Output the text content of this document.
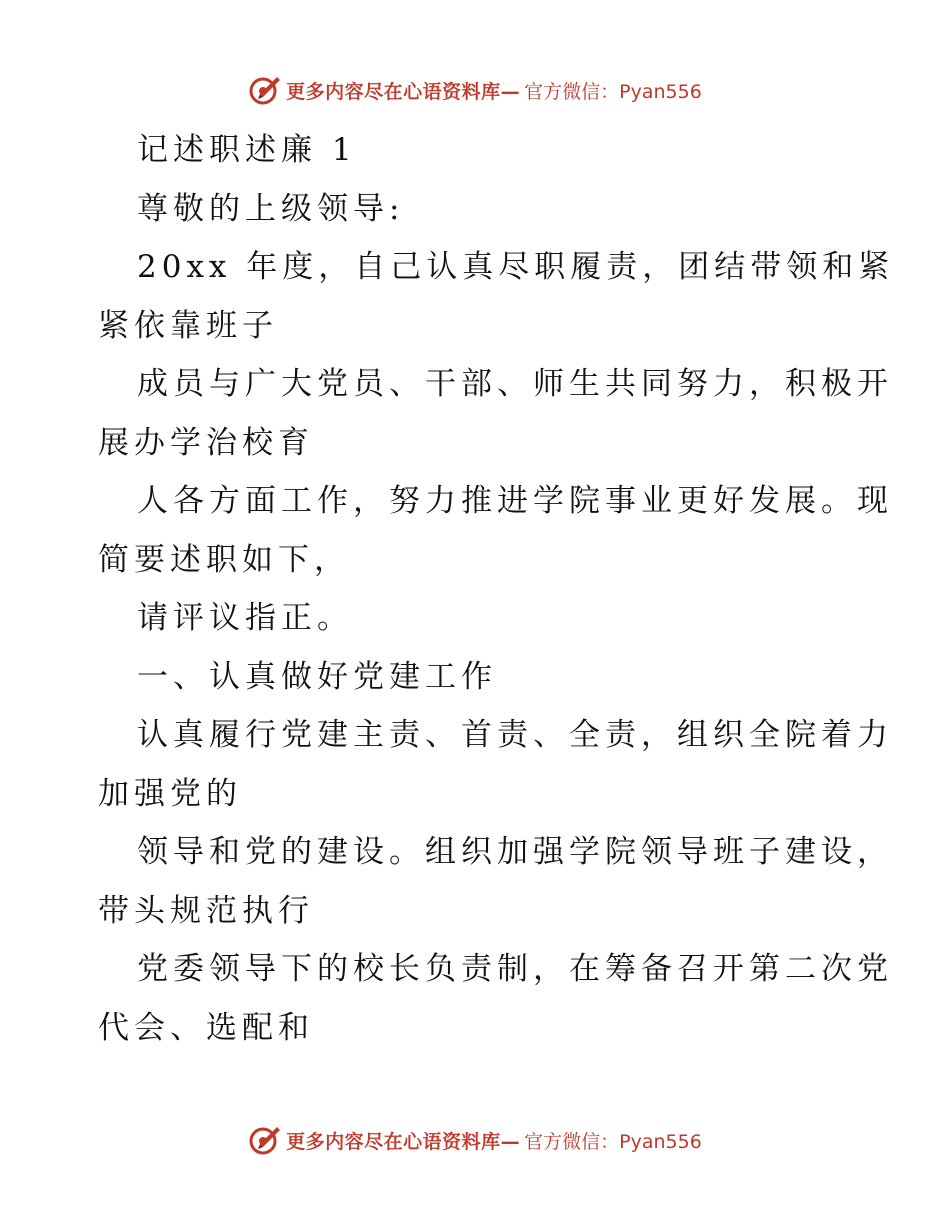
更多内容尽在心语资料库— 官方微信：Pyan556
记述职述廉 1
尊敬的上级领导:
20xx 年度，自己认真尽职履责，团结带领和紧
紧依靠班子
成员与广大党员、干部、师生共同努力，积极开
展办学治校育
人各方面工作，努力推进学院事业更好发展。现
简要述职如下，
请评议指正。
一、认真做好党建工作
认真履行党建主责、首责、全责，组织全院着力
加强党的
领导和党的建设。组织加强学院领导班子建设，
带头规范执行
党委领导下的校长负责制，在筹备召开第二次党
代会、选配和
更多内容尽在心语资料库— 官方微信：Pyan556
